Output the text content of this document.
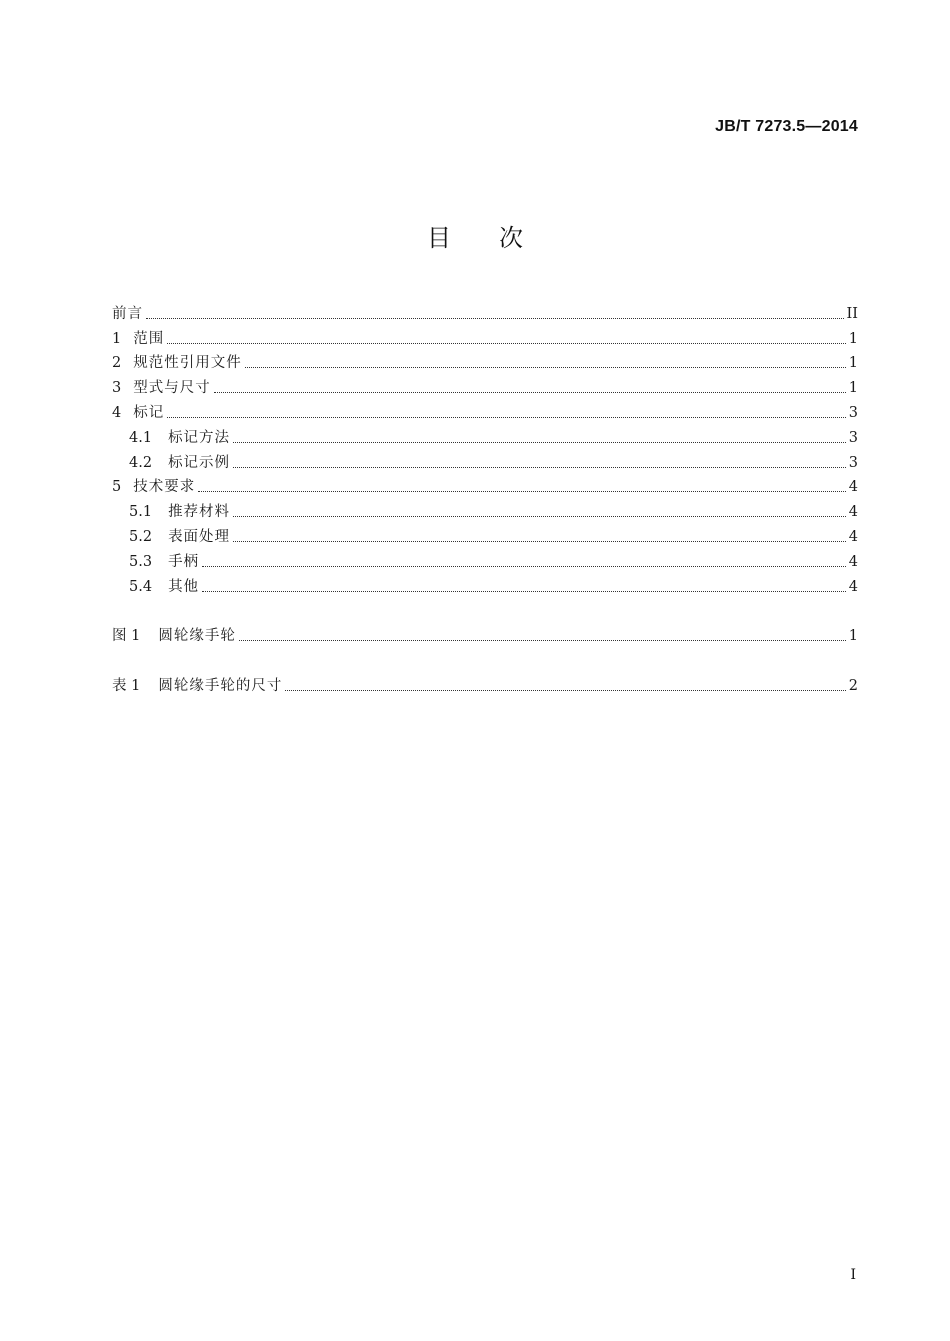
JB/T 7273.5—2014
目次
前言	II
1 范围	1
2 规范性引用文件	1
3 型式与尺寸	1
4 标记	3
4.1 标记方法	3
4.2 标记示例	3
5 技术要求	4
5.1 推荐材料	4
5.2 表面处理	4
5.3 手柄	4
5.4 其他	4
图 1 圆轮缘手轮	1
表 1 圆轮缘手轮的尺寸	2
I
